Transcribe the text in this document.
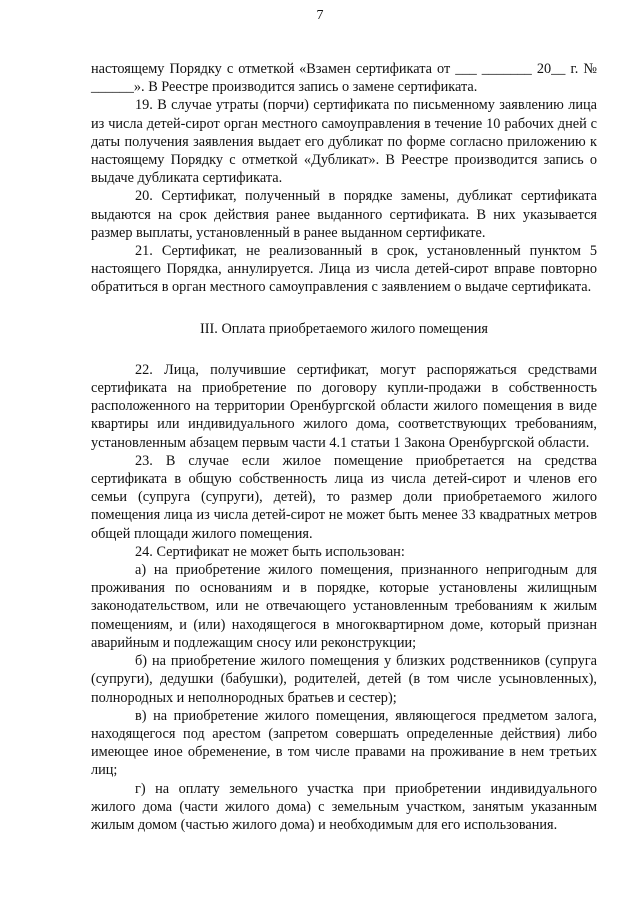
7

настоящему Порядку с отметкой «Взамен сертификата от ___ _______ 20__ г. № ______». В Реестре производится запись о замене сертификата.

19. В случае утраты (порчи) сертификата по письменному заявлению лица из числа детей-сирот орган местного самоуправления в течение 10 рабочих дней с даты получения заявления выдает его дубликат по форме согласно приложению к настоящему Порядку с отметкой «Дубликат». В Реестре производится запись о выдаче дубликата сертификата.

20. Сертификат, полученный в порядке замены, дубликат сертификата выдаются на срок действия ранее выданного сертификата. В них указывается размер выплаты, установленный в ранее выданном сертификате.

21. Сертификат, не реализованный в срок, установленный пунктом 5 настоящего Порядка, аннулируется. Лица из числа детей-сирот вправе повторно обратиться в орган местного самоуправления с заявлением о выдаче сертификата.

III. Оплата приобретаемого жилого помещения

22. Лица, получившие сертификат, могут распоряжаться средствами сертификата на приобретение по договору купли-продажи в собственность расположенного на территории Оренбургской области жилого помещения в виде квартиры или индивидуального жилого дома, соответствующих требованиям, установленным абзацем первым части 4.1 статьи 1 Закона Оренбургской области.

23. В случае если жилое помещение приобретается на средства сертификата в общую собственность лица из числа детей-сирот и членов его семьи (супруга (супруги), детей), то размер доли приобретаемого жилого помещения лица из числа детей-сирот не может быть менее 33 квадратных метров общей площади жилого помещения.

24. Сертификат не может быть использован:

а) на приобретение жилого помещения, признанного непригодным для проживания по основаниям и в порядке, которые установлены жилищным законодательством, или не отвечающего установленным требованиям к жилым помещениям, и (или) находящегося в многоквартирном доме, который признан аварийным и подлежащим сносу или реконструкции;

б) на приобретение жилого помещения у близких родственников (супруга (супруги), дедушки (бабушки), родителей, детей (в том числе усыновленных), полнородных и неполнородных братьев и сестер);

в) на приобретение жилого помещения, являющегося предметом залога, находящегося под арестом (запретом совершать определенные действия) либо имеющее иное обременение, в том числе правами на проживание в нем третьих лиц;

г) на оплату земельного участка при приобретении индивидуального жилого дома (части жилого дома) с земельным участком, занятым указанным жилым домом (частью жилого дома) и необходимым для его использования.
